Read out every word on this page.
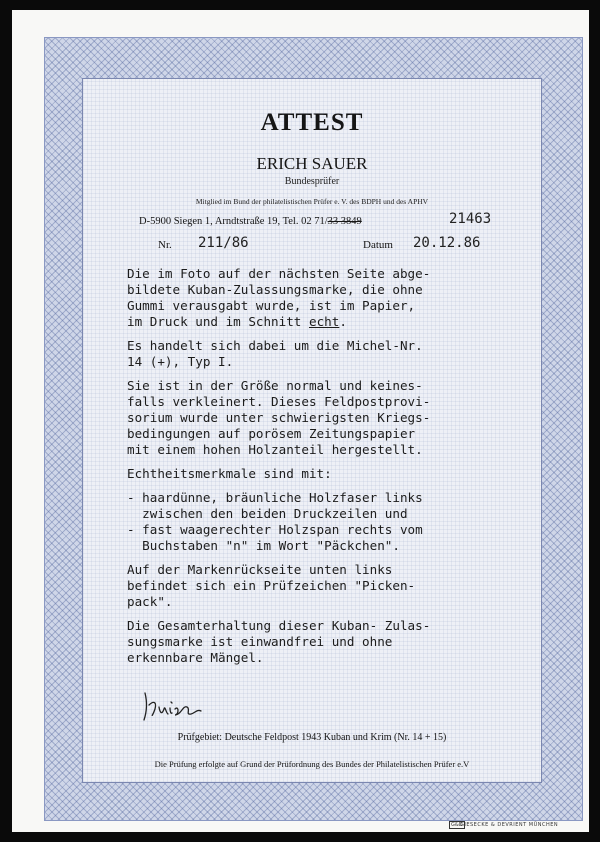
ATTEST
ERICH SAUER
Bundesprüfer
Mitglied im Bund der philatelistischen Prüfer e. V. des BDPH und des APHV
D-5900 Siegen 1, Arndtstraße 19, Tel. 02 71/33 3849	21463
Nr. 211/86	Datum 20.12.86

Die im Foto auf der nächsten Seite abge-
bildete Kuban-Zulassungsmarke, die ohne
Gummi verausgabt wurde, ist im Papier,
im Druck und im Schnitt echt.

Es handelt sich dabei um die Michel-Nr.
14 (+), Typ I.

Sie ist in der Größe normal und keines-
falls verkleinert. Dieses Feldpostprovi-
sorium wurde unter schwierigsten Kriegs-
bedingungen auf porösem Zeitungspapier
mit einem hohen Holzanteil hergestellt.

Echtheitsmerkmale sind mit:

- haardünne, bräunliche Holzfaser links
zwischen den beiden Druckzeilen und
- fast waagerechter Holzspan rechts vom
Buchstaben "n" im Wort "Päckchen".

Auf der Markenrückseite unten links
befindet sich ein Prüfzeichen "Picken-
pack".

Die Gesamterhaltung dieser Kuban- Zulas-
sungsmarke ist einwandfrei und ohne
erkennbare Mängel.

Prüfgebiet: Deutsche Feldpost 1943 Kuban und Krim (Nr. 14 + 15)
Die Prüfung erfolgte auf Grund der Prüfordnung des Bundes der Philatelistischen Prüfer e.V
G&D
GIESECKE & DEVRIENT MÜNCHEN
